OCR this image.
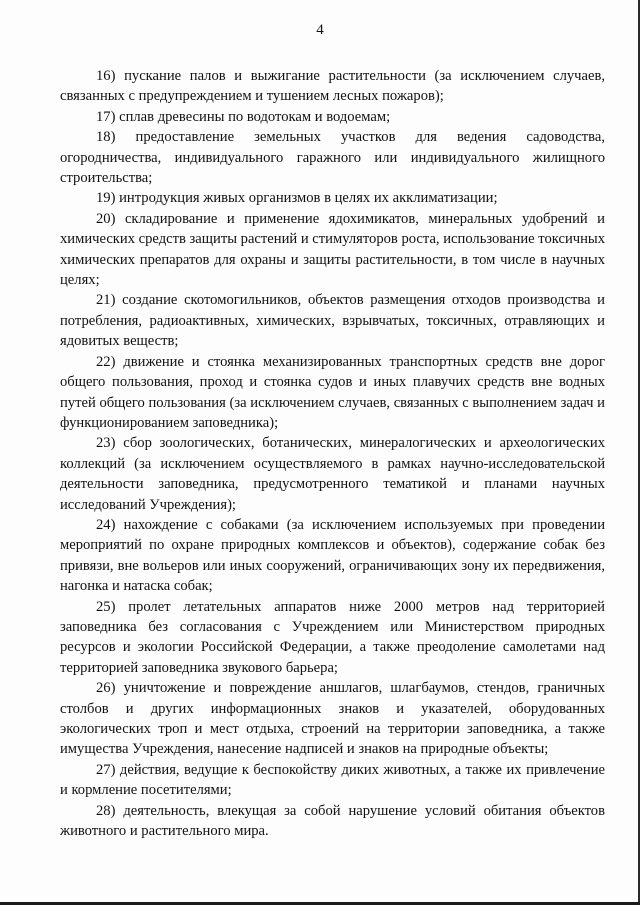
4

16) пускание палов и выжигание растительности (за исключением случаев, связанных с предупреждением и тушением лесных пожаров);

17) сплав древесины по водотокам и водоемам;

18) предоставление земельных участков для ведения садоводства, огородничества, индивидуального гаражного или индивидуального жилищного строительства;

19) интродукция живых организмов в целях их акклиматизации;

20) складирование и применение ядохимикатов, минеральных удобрений и химических средств защиты растений и стимуляторов роста, использование токсичных химических препаратов для охраны и защиты растительности, в том числе в научных целях;

21) создание скотомогильников, объектов размещения отходов производства и потребления, радиоактивных, химических, взрывчатых, токсичных, отравляющих и ядовитых веществ;

22) движение и стоянка механизированных транспортных средств вне дорог общего пользования, проход и стоянка судов и иных плавучих средств вне водных путей общего пользования (за исключением случаев, связанных с выполнением задач и функционированием заповедника);

23) сбор зоологических, ботанических, минералогических и археологических коллекций (за исключением осуществляемого в рамках научно-исследовательской деятельности заповедника, предусмотренного тематикой и планами научных исследований Учреждения);

24) нахождение с собаками (за исключением используемых при проведении мероприятий по охране природных комплексов и объектов), содержание собак без привязи, вне вольеров или иных сооружений, ограничивающих зону их передвижения, нагонка и натаска собак;

25) пролет летательных аппаратов ниже 2000 метров над территорией заповедника без согласования с Учреждением или Министерством природных ресурсов и экологии Российской Федерации, а также преодоление самолетами над территорией заповедника звукового барьера;

26) уничтожение и повреждение аншлагов, шлагбаумов, стендов, граничных столбов и других информационных знаков и указателей, оборудованных экологических троп и мест отдыха, строений на территории заповедника, а также имущества Учреждения, нанесение надписей и знаков на природные объекты;

27) действия, ведущие к беспокойству диких животных, а также их привлечение и кормление посетителями;

28) деятельность, влекущая за собой нарушение условий обитания объектов животного и растительного мира.
